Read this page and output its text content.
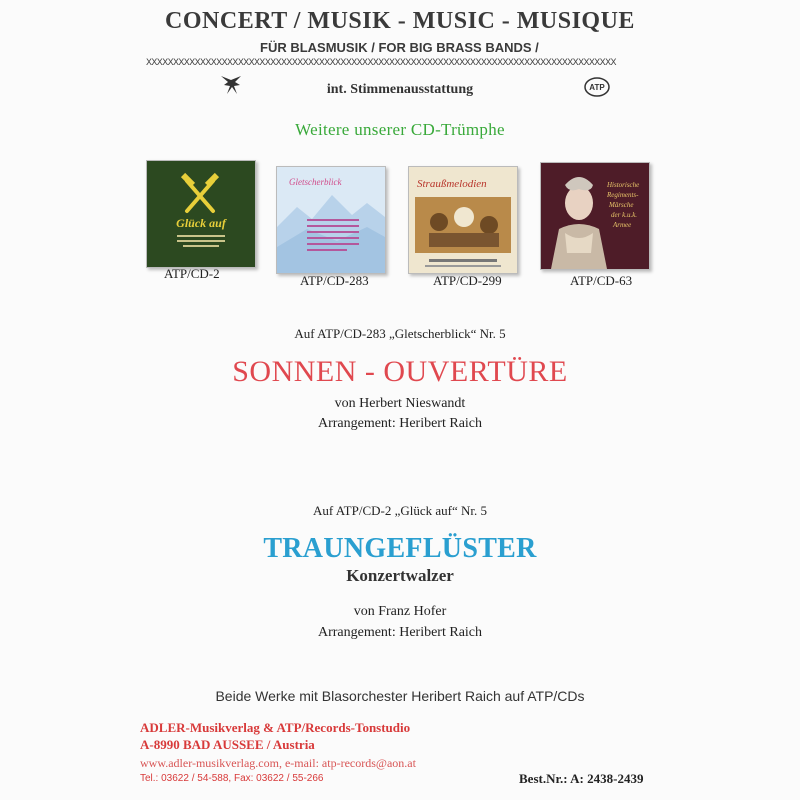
CONCERT / MUSIK - MUSIC - MUSIQUE
FÜR BLASMUSIK / FOR BIG BRASS BANDS /
XXXXXXXXXXXXXXXXXXXXXXXXXXXXXXXXXXXXXXXXXXXXXXXXXXXXXXXXXXXXXXXXXXXXXXXXXXXXXXXXXXXXXXX
int. Stimmenausstattung	ATP
Weitere unserer CD-Trümphe
Glück auf
ATP/CD-2
Gletscherblick
ATP/CD-283
Straußmelodien
ATP/CD-299
Historische
Regiments-
Märsche
der k.u.k.
Armee
ATP/CD-63
Auf ATP/CD-283 „Gletscherblick“ Nr. 5
SONNEN - OUVERTÜRE
von Herbert Nieswandt
Arrangement: Heribert Raich
Auf ATP/CD-2 „Glück auf“ Nr. 5
TRAUNGEFLÜSTER
Konzertwalzer
von Franz Hofer
Arrangement: Heribert Raich
Beide Werke mit Blasorchester Heribert Raich auf ATP/CDs
ADLER-Musikverlag & ATP/Records-Tonstudio
A-8990 BAD AUSSEE / Austria
www.adler-musikverlag.com, e-mail: atp-records@aon.at
Tel.: 03622 / 54-588, Fax: 03622 / 55-266	Best.Nr.: A: 2438-2439
